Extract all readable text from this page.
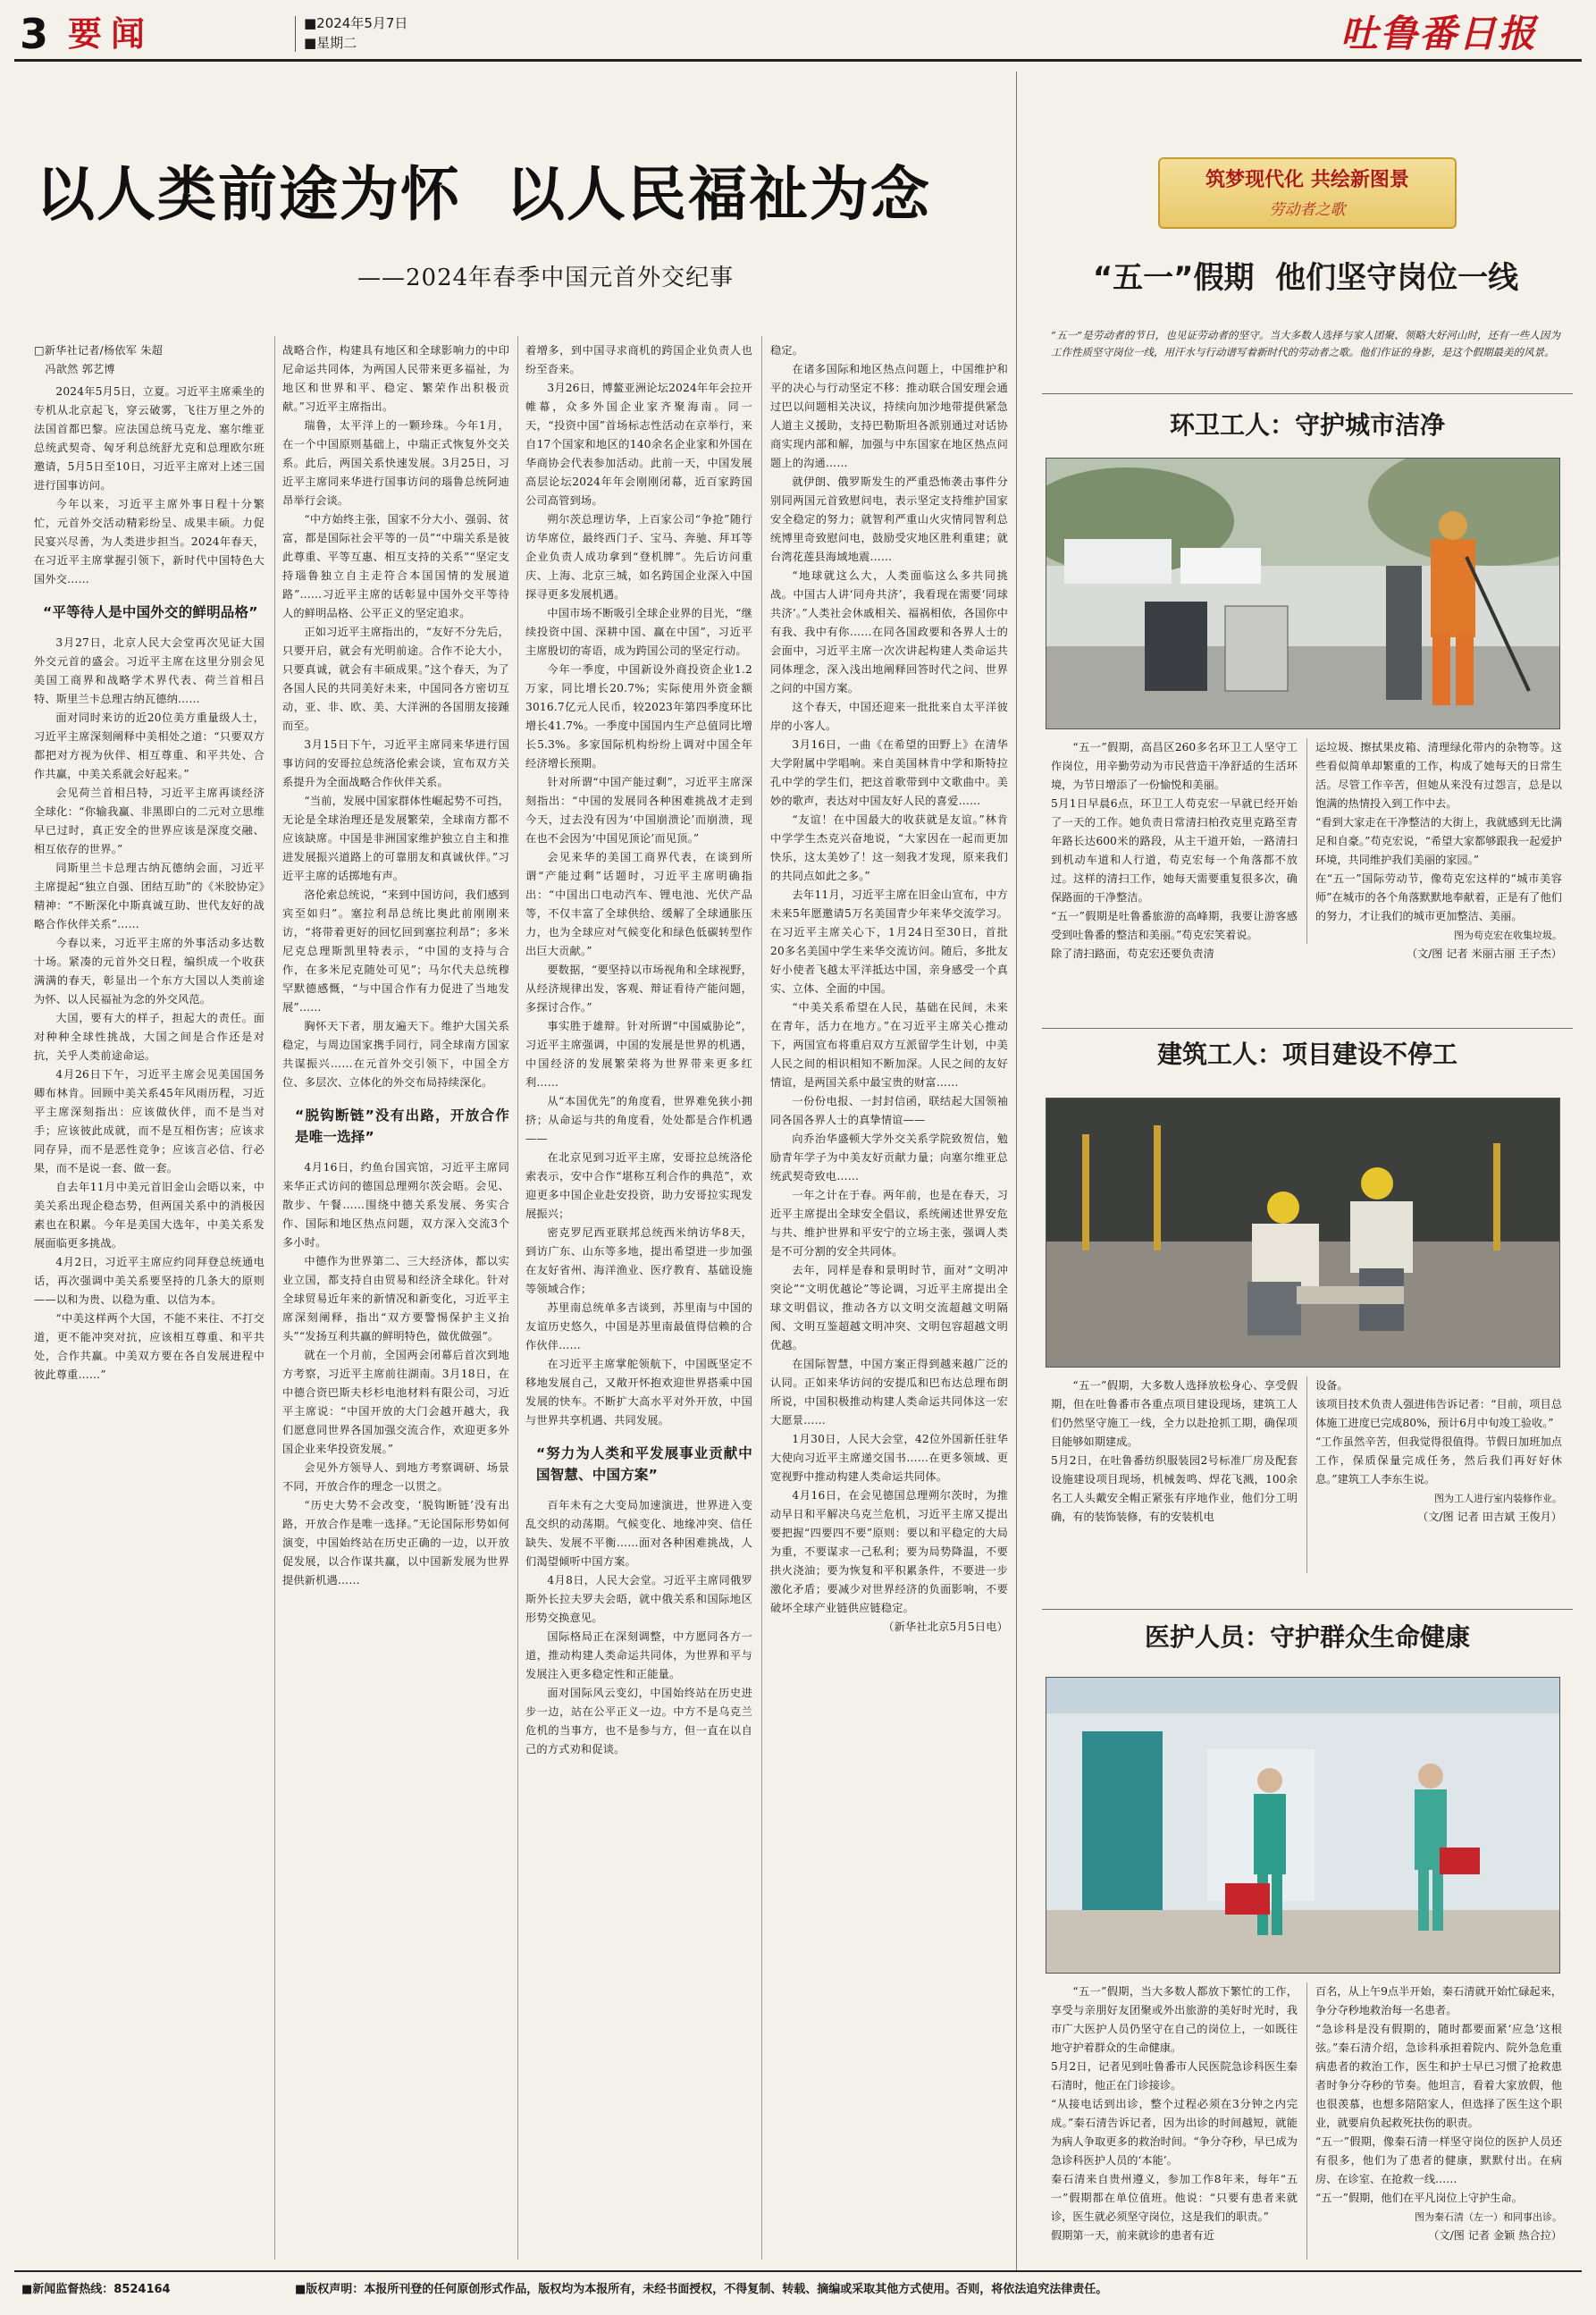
3 要闻	■2024年5月7日
■星期二	吐鲁番日报
以人类前途为怀  以人民福祉为念
——2024年春季中国元首外交纪事

□新华社记者/杨依军 朱超
　冯歆然 郭艺博

2024年5月5日，立夏。习近平主席乘坐的专机从北京起飞，穿云破雾，飞往万里之外的法国首都巴黎。应法国总统马克龙、塞尔维亚总统武契奇、匈牙利总统舒尤克和总理欧尔班邀请，5月5日至10日，习近平主席对上述三国进行国事访问。

今年以来，习近平主席外事日程十分繁忙，元首外交活动精彩纷呈、成果丰硕。力促民宴兴尽善，为人类进步担当。2024年春天，在习近平主席掌握引领下，新时代中国特色大国外交……

“平等待人是中国外交的鲜明品格”

3月27日，北京人民大会堂再次见证大国外交元首的盛会。习近平主席在这里分别会见美国工商界和战略学术界代表、荷兰首相吕特、斯里兰卡总理古纳瓦德纳……

面对同时来访的近20位美方重量级人士，习近平主席深刻阐释中美相处之道：“只要双方都把对方视为伙伴、相互尊重、和平共处、合作共赢，中美关系就会好起来。”

会见荷兰首相吕特，习近平主席再谈经济全球化：“你输我赢、非黑即白的二元对立思维早已过时，真正安全的世界应该是深度交融、相互依存的世界。”

同斯里兰卡总理古纳瓦德纳会面，习近平主席提起“独立自强、团结互助”的《米胶协定》精神：“不断深化中斯真诚互助、世代友好的战略合作伙伴关系”……

今春以来，习近平主席的外事活动多达数十场。紧凑的元首外交日程，编织成一个收获满满的春天，彰显出一个东方大国以人类前途为怀、以人民福祉为念的外交风范。

大国，要有大的样子，担起大的责任。面对种种全球性挑战，大国之间是合作还是对抗，关乎人类前途命运。

4月26日下午，习近平主席会见美国国务卿布林肯。回顾中美关系45年风雨历程，习近平主席深刻指出：应该做伙伴，而不是当对手；应该彼此成就，而不是互相伤害；应该求同存异，而不是恶性竞争；应该言必信、行必果，而不是说一套、做一套。

自去年11月中美元首旧金山会晤以来，中美关系出现企稳态势，但两国关系中的消极因素也在积累。今年是美国大选年，中美关系发展面临更多挑战。

4月2日，习近平主席应约同拜登总统通电话，再次强调中美关系要坚持的几条大的原则——以和为贵、以稳为重、以信为本。

“中美这样两个大国，不能不来往、不打交道，更不能冲突对抗，应该相互尊重、和平共处，合作共赢。中美双方要在各自发展进程中彼此尊重……”

战略合作，构建具有地区和全球影响力的中印尼命运共同体，为两国人民带来更多福祉，为地区和世界和平、稳定、繁荣作出积极贡献。”习近平主席指出。

瑞鲁，太平洋上的一颗珍珠。今年1月，在一个中国原则基础上，中瑞正式恢复外交关系。此后，两国关系快速发展。3月25日，习近平主席同来华进行国事访问的瑙鲁总统阿迪昂举行会谈。

“中方始终主张，国家不分大小、强弱、贫富，都是国际社会平等的一员”“中瑞关系是彼此尊重、平等互惠、相互支持的关系”“坚定支持瑙鲁独立自主走符合本国国情的发展道路”……习近平主席的话彰显中国外交平等待人的鲜明品格、公平正义的坚定追求。

正如习近平主席指出的，“友好不分先后，只要开启，就会有光明前途。合作不论大小，只要真诚，就会有丰硕成果。”这个春天，为了各国人民的共同美好未来，中国同各方密切互动，亚、非、欧、美、大洋洲的各国朋友接踵而至。

3月15日下午，习近平主席同来华进行国事访问的安哥拉总统洛伦索会谈，宣布双方关系提升为全面战略合作伙伴关系。

“当前，发展中国家群体性崛起势不可挡，无论是全球治理还是发展繁荣，全球南方都不应该缺席。中国是非洲国家维护独立自主和推进发展振兴道路上的可靠朋友和真诚伙伴。”习近平主席的话掷地有声。

洛伦索总统说，“来到中国访问，我们感到宾至如归”。塞拉利昂总统比奥此前刚刚来访，“将带着更好的回忆回到塞拉利昂”；多米尼克总理斯凯里特表示，“中国的支持与合作，在多米尼克随处可见”；马尔代夫总统穆罕默德感慨，“与中国合作有力促进了当地发展”……

胸怀天下者，朋友遍天下。维护大国关系稳定，与周边国家携手同行，同全球南方国家共谋振兴……在元首外交引领下，中国全方位、多层次、立体化的外交布局持续深化。

“脱钩断链”没有出路，开放合作是唯一选择”

4月16日，约鱼台国宾馆，习近平主席同来华正式访问的德国总理朔尔茨会晤。会见、散步、午餐……围绕中德关系发展、务实合作、国际和地区热点问题，双方深入交流3个多小时。

中德作为世界第二、三大经济体，都以实业立国，都支持自由贸易和经济全球化。针对全球贸易近年来的新情况和新变化，习近平主席深刻阐释，指出“双方要警惕保护主义抬头”“发扬互利共赢的鲜明特色，做优做强”。

就在一个月前，全国两会闭幕后首次到地方考察，习近平主席前往湖南。3月18日，在中德合资巴斯夫杉杉电池材料有限公司，习近平主席说：“中国开放的大门会越开越大，我们愿意同世界各国加强交流合作，欢迎更多外国企业来华投资发展。”

会见外方领导人、到地方考察调研、场景不同，开放合作的理念一以贯之。

“历史大势不会改变，‘脱钩断链’没有出路，开放合作是唯一选择。”无论国际形势如何演变，中国始终站在历史正确的一边，以开放促发展，以合作谋共赢，以中国新发展为世界提供新机遇……

着增多，到中国寻求商机的跨国企业负责人也纷至沓来。

3月26日，博鳌亚洲论坛2024年年会拉开帷幕，众多外国企业家齐聚海南。同一天，“投资中国”首场标志性活动在京举行，来自17个国家和地区的140余名企业家和外国在华商协会代表参加活动。此前一天，中国发展高层论坛2024年年会刚刚闭幕，近百家跨国公司高管到场。

朔尔茨总理访华，上百家公司“争抢”随行访华席位，最终西门子、宝马、奔驰、拜耳等企业负责人成功拿到“登机牌”。先后访问重庆、上海、北京三城，如名跨国企业深入中国探寻更多发展机遇。

中国市场不断吸引全球企业界的目光，“继续投资中国、深耕中国、赢在中国”，习近平主席殷切的寄语，成为跨国公司的坚定行动。

今年一季度，中国新设外商投资企业1.2万家，同比增长20.7%；实际使用外资金额3016.7亿元人民币，较2023年第四季度环比增长41.7%。一季度中国国内生产总值同比增长5.3%。多家国际机构纷纷上调对中国全年经济增长预期。

针对所谓“中国产能过剩”，习近平主席深刻指出：“中国的发展同各种困难挑战才走到今天，过去没有因为‘中国崩溃论’而崩溃，现在也不会因为‘中国见顶论’而见顶。”

会见来华的美国工商界代表，在谈到所谓“产能过剩”话题时，习近平主席明确指出：“中国出口电动汽车、锂电池、光伏产品等，不仅丰富了全球供给、缓解了全球通胀压力，也为全球应对气候变化和绿色低碳转型作出巨大贡献。”

要数据，“要坚持以市场视角和全球视野，从经济规律出发，客观、辩证看待产能问题，多探讨合作。”

事实胜于雄辩。针对所谓“中国威胁论”，习近平主席强调，中国的发展是世界的机遇，中国经济的发展繁荣将为世界带来更多红利……

从“本国优先”的角度看，世界难免狭小拥挤；从命运与共的角度看，处处都是合作机遇——

在北京见到习近平主席，安哥拉总统洛伦索表示，安中合作“堪称互利合作的典范”，欢迎更多中国企业赴安投资，助力安哥拉实现发展振兴；

密克罗尼西亚联邦总统西米纳访华8天，到访广东、山东等多地，提出希望进一步加强在友好省州、海洋渔业、医疗教育、基础设施等领域合作；

苏里南总统单多吉谈到，苏里南与中国的友谊历史悠久，中国是苏里南最值得信赖的合作伙伴……

在习近平主席掌舵领航下，中国既坚定不移地发展自己，又敞开怀抱欢迎世界搭乘中国发展的快车。不断扩大高水平对外开放，中国与世界共享机遇、共同发展。

“努力为人类和平发展事业贡献中国智慧、中国方案”

百年未有之大变局加速演进，世界进入变乱交织的动荡期。气候变化、地缘冲突、信任缺失、发展不平衡……面对各种困难挑战，人们渴望倾听中国方案。

4月8日，人民大会堂。习近平主席同俄罗斯外长拉夫罗夫会晤，就中俄关系和国际地区形势交换意见。

国际格局正在深刻调整，中方愿同各方一道，推动构建人类命运共同体，为世界和平与发展注入更多稳定性和正能量。

面对国际风云变幻，中国始终站在历史进步一边，站在公平正义一边。中方不是乌克兰危机的当事方，也不是参与方，但一直在以自己的方式劝和促谈。

稳定。

在诸多国际和地区热点问题上，中国维护和平的决心与行动坚定不移：推动联合国安理会通过巴以问题相关决议，持续向加沙地带提供紧急人道主义援助，支持巴勒斯坦各派别通过对话协商实现内部和解，加强与中东国家在地区热点问题上的沟通……

就伊朗、俄罗斯发生的严重恐怖袭击事件分别同两国元首致慰问电，表示坚定支持维护国家安全稳定的努力；就智利严重山火灾情同智利总统博里奇致慰问电，鼓励受灾地区胜利重建；就台湾花莲县海域地震……

“地球就这么大，人类面临这么多共同挑战。中国古人讲‘同舟共济’，我看现在需要‘同球共济’。”人类社会休戚相关、福祸相依，各国你中有我、我中有你……在同各国政要和各界人士的会面中，习近平主席一次次讲起构建人类命运共同体理念，深入浅出地阐释回答时代之问、世界之问的中国方案。

这个春天，中国还迎来一批批来自太平洋彼岸的小客人。

3月16日，一曲《在希望的田野上》在清华大学附属中学唱响。来自美国林肯中学和斯特拉孔中学的学生们，把这首歌带到中文歌曲中。美妙的歌声，表达对中国友好人民的喜爱……

“友谊！在中国最大的收获就是友谊。”林肯中学学生杰克兴奋地说，“大家因在一起而更加快乐，这太美妙了！这一刻我才发现，原来我们的共同点如此之多。”

去年11月，习近平主席在旧金山宣布，中方未来5年愿邀请5万名美国青少年来华交流学习。在习近平主席关心下，1月24日至30日，首批20多名美国中学生来华交流访问。随后，多批友好小使者飞越太平洋抵达中国，亲身感受一个真实、立体、全面的中国。

“中美关系希望在人民，基础在民间，未来在青年，活力在地方。”在习近平主席关心推动下，两国宣布将重启双方互派留学生计划，中美人民之间的相识相知不断加深。人民之间的友好情谊，是两国关系中最宝贵的财富……

一份份电报、一封封信函，联结起大国领袖同各国各界人士的真挚情谊——

向乔治华盛顿大学外交关系学院致贺信，勉励青年学子为中美友好贡献力量；向塞尔维亚总统武契奇致电……

一年之计在于春。两年前，也是在春天，习近平主席提出全球安全倡议，系统阐述世界安危与共、维护世界和平安宁的立场主张，强调人类是不可分割的安全共同体。

去年，同样是春和景明时节，面对“文明冲突论”“文明优越论”等论调，习近平主席提出全球文明倡议，推动各方以文明交流超越文明隔阂、文明互鉴超越文明冲突、文明包容超越文明优越。

在国际智慧，中国方案正得到越来越广泛的认同。正如来华访问的安提瓜和巴布达总理布朗所说，中国积极推动构建人类命运共同体这一宏大愿景……

1月30日，人民大会堂，42位外国新任驻华大使向习近平主席递交国书……在更多领域、更宽视野中推动构建人类命运共同体。

4月16日，在会见德国总理朔尔茨时，为推动早日和平解决乌克兰危机，习近平主席又提出要把握“四要四不要”原则：要以和平稳定的大局为重，不要谋求一己私利；要为局势降温，不要拱火浇油；要为恢复和平积累条件，不要进一步激化矛盾；要减少对世界经济的负面影响，不要破坏全球产业链供应链稳定。

（新华社北京5月5日电）

筑梦现代化 共绘新图景
劳动者之歌
“五一”假期  他们坚守岗位一线
“五一”是劳动者的节日，也见证劳动者的坚守。当大多数人选择与家人团聚、领略大好河山时，还有一些人因为工作性质坚守岗位一线，用汗水与行动谱写着新时代的劳动者之歌。他们作证的身影，是这个假期最美的风景。
环卫工人：守护城市洁净

“五一”假期，高昌区260多名环卫工人坚守工作岗位，用辛勤劳动为市民营造干净舒适的生活环境，为节日增添了一份愉悦和美丽。
5月1日早晨6点，环卫工人苟克宏一早就已经开始了一天的工作。她负责日常清扫柏孜克里克路至青年路长达600米的路段，从主干道开始，一路清扫到机动车道和人行道，苟克宏每一个角落都不放过。这样的清扫工作，她每天需要重复很多次，确保路面的干净整洁。
“五一”假期是吐鲁番旅游的高峰期，我要让游客感受到吐鲁番的整洁和美丽。”苟克宏笑着说。
除了清扫路面，苟克宏还要负责清

运垃圾、擦拭果皮箱、清理绿化带内的杂物等。这些看似简单却繁重的工作，构成了她每天的日常生活。尽管工作辛苦，但她从来没有过怨言，总是以饱满的热情投入到工作中去。
“看到大家走在干净整洁的大街上，我就感到无比满足和自豪。”苟克宏说，“希望大家都够跟我一起爱护环境，共同维护我们美丽的家园。”
在“五一”国际劳动节，像苟克宏这样的“城市美容师”在城市的各个角落默默地奉献着，正是有了他们的努力，才让我们的城市更加整洁、美丽。

图为苟克宏在收集垃圾。
（文/图 记者 米丽古丽 王子杰）
建筑工人：项目建设不停工

“五一”假期，大多数人选择放松身心、享受假期，但在吐鲁番市各重点项目建设现场，建筑工人们仍然坚守施工一线，全力以赴抢抓工期，确保项目能够如期建成。
5月2日，在吐鲁番纺织服装园2号标准厂房及配套设施建设项目现场，机械轰鸣、焊花飞溅，100余名工人头戴安全帽正紧张有序地作业，他们分工明确，有的装饰装修，有的安装机电

设备。
该项目技术负责人强进伟告诉记者：“目前，项目总体施工进度已完成80%，预计6月中旬竣工验收。”
“工作虽然辛苦，但我觉得很值得。节假日加班加点工作，保质保量完成任务，然后我们再好好休息。”建筑工人李东生说。

图为工人进行室内装修作业。
（文/图 记者 田吉斌 王俊月）
医护人员：守护群众生命健康

“五一”假期，当大多数人都放下繁忙的工作，享受与亲朋好友团聚或外出旅游的美好时光时，我市广大医护人员仍坚守在自己的岗位上，一如既往地守护着群众的生命健康。
5月2日，记者见到吐鲁番市人民医院急诊科医生秦石清时，他正在门诊接诊。
“从接电话到出诊，整个过程必须在3分钟之内完成。”秦石清告诉记者，因为出诊的时间越短，就能为病人争取更多的救治时间。“争分夺秒，早已成为急诊科医护人员的‘本能’。
秦石清来自贵州遵义，参加工作8年来，每年“五一”假期都在单位值班。他说：“只要有患者来就诊，医生就必须坚守岗位，这是我们的职责。”
假期第一天，前来就诊的患者有近

百名，从上午9点半开始，秦石清就开始忙碌起来，争分夺秒地救治每一名患者。
“急诊科是没有假期的，随时都要面紧‘应急’这根弦。”秦石清介绍，急诊科承担着院内、院外急危重病患者的救治工作，医生和护士早已习惯了抢救患者时争分夺秒的节奏。他坦言，看着大家放假，他也很羡慕，也想多陪陪家人，但选择了医生这个职业，就要肩负起救死扶伤的职责。
“五一”假期，像秦石清一样坚守岗位的医护人员还有很多，他们为了患者的健康，默默付出。在病房、在诊室、在抢救一线……
“五一”假期，他们在平凡岗位上守护生命。

图为秦石清（左一）和同事出诊。
（文/图 记者 金颖 热合拉）
■新闻监督热线：8524164	■版权声明：本报所刊登的任何原创形式作品，版权均为本报所有，未经书面授权，不得复制、转载、摘编或采取其他方式使用。否则，将依法追究法律责任。
